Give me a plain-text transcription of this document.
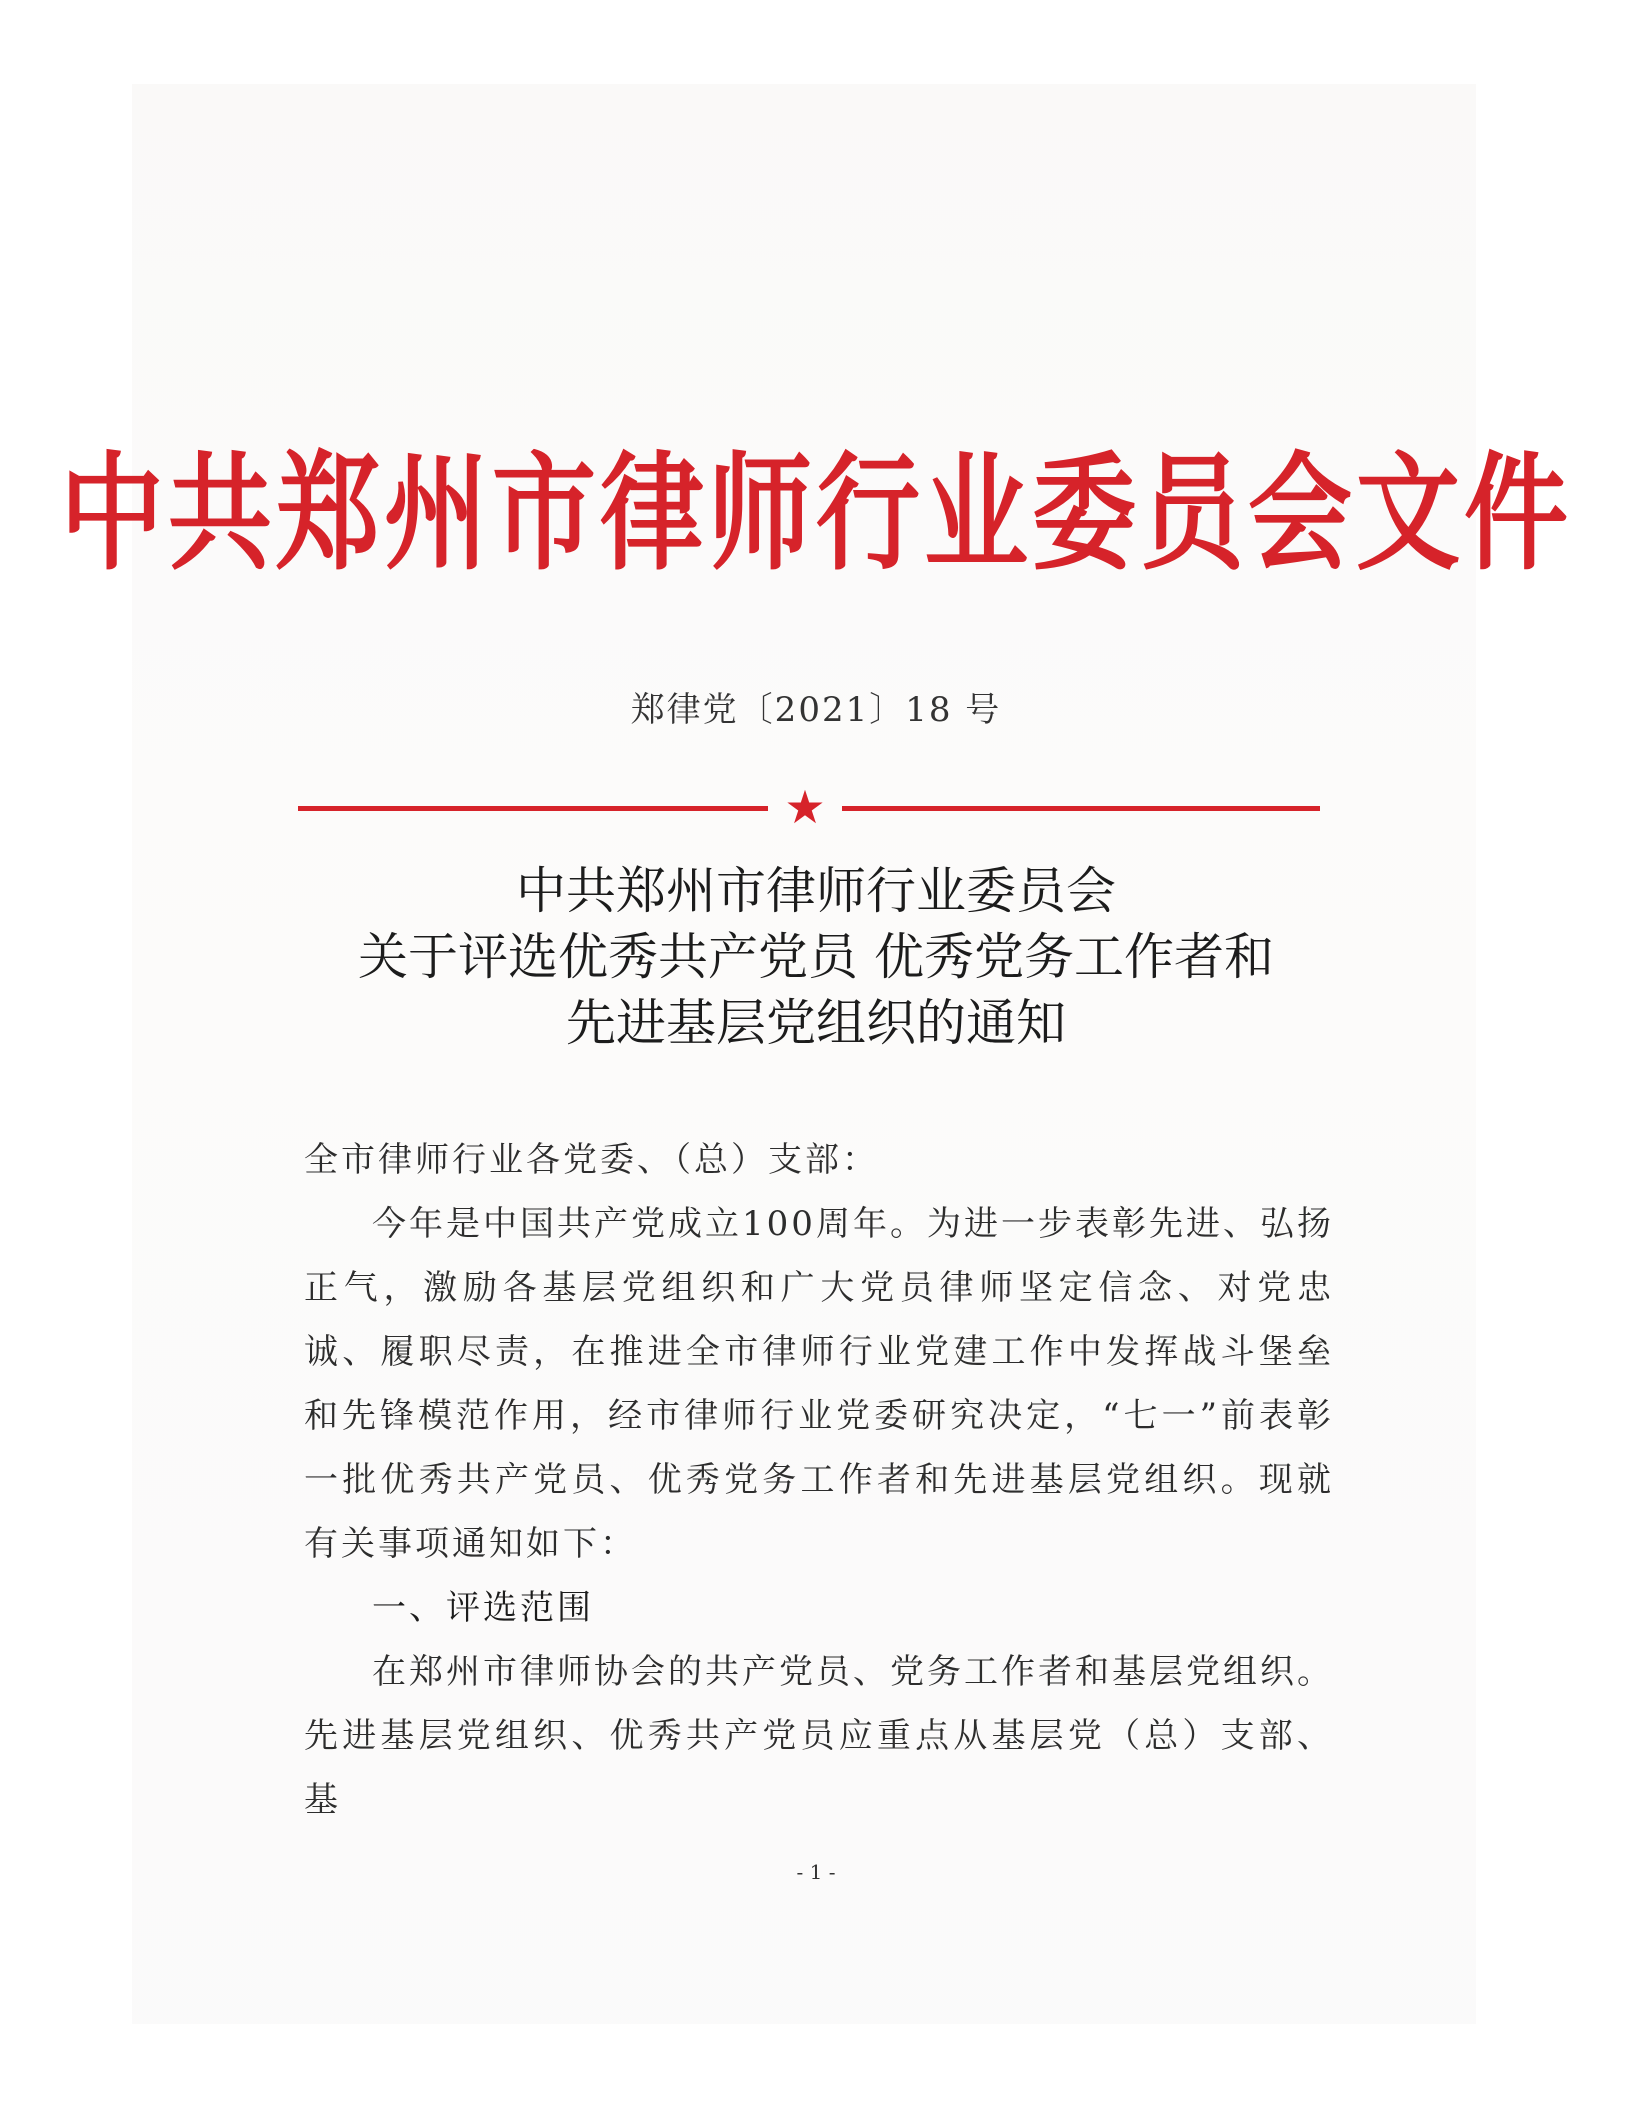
中共郑州市律师行业委员会文件
郑律党〔2021〕18 号
★
中共郑州市律师行业委员会
关于评选优秀共产党员 优秀党务工作者和
先进基层党组织的通知

全市律师行业各党委、（总）支部：

今年是中国共产党成立100周年。为进一步表彰先进、弘扬正气，激励各基层党组织和广大党员律师坚定信念、对党忠诚、履职尽责，在推进全市律师行业党建工作中发挥战斗堡垒和先锋模范作用，经市律师行业党委研究决定，“七一”前表彰一批优秀共产党员、优秀党务工作者和先进基层党组织。现就有关事项通知如下：

一、评选范围

在郑州市律师协会的共产党员、党务工作者和基层党组织。先进基层党组织、优秀共产党员应重点从基层党（总）支部、基

- 1 -
